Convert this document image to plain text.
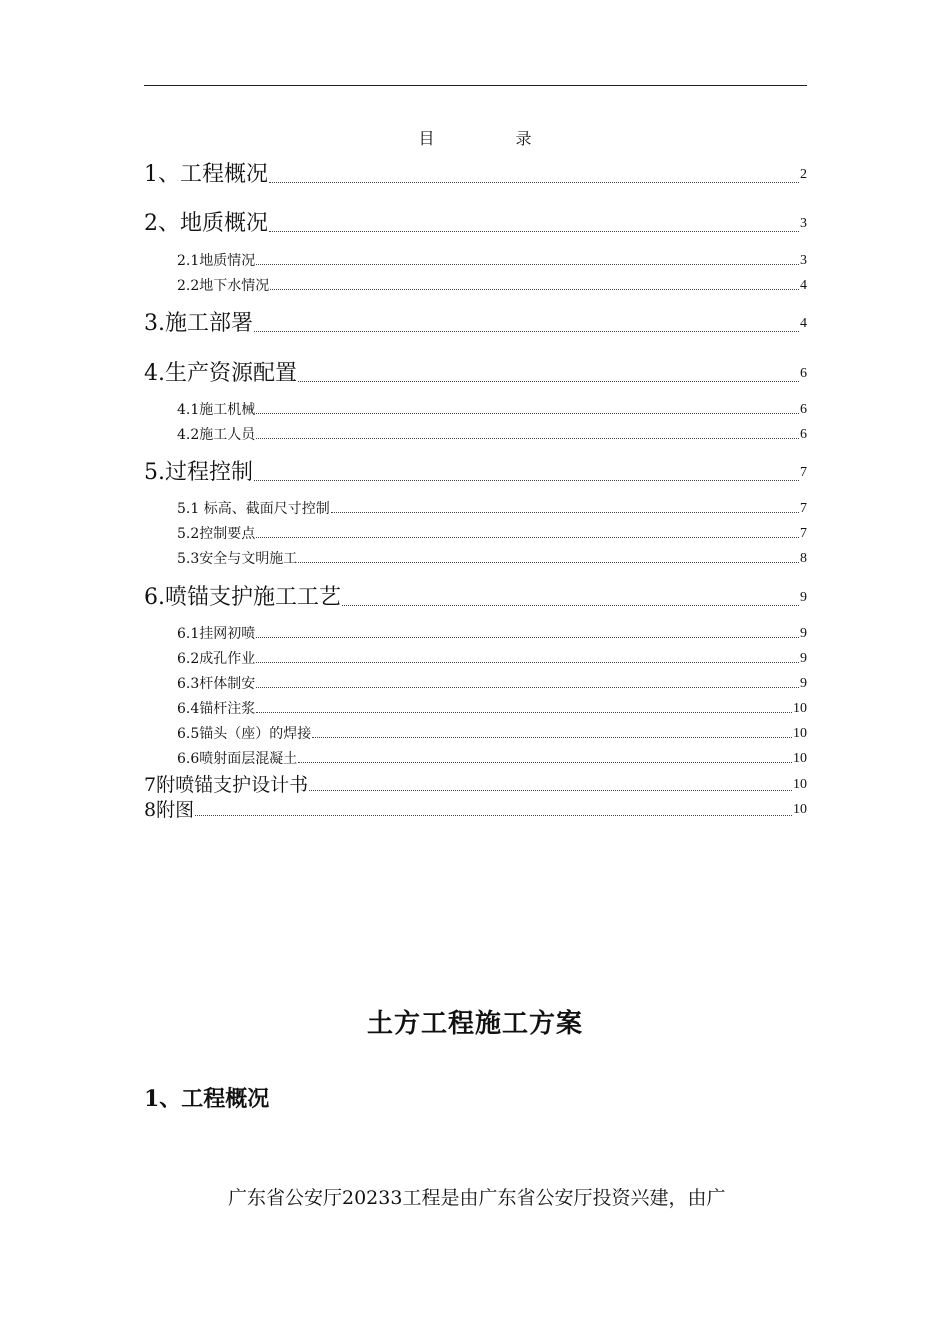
目 录
1、工程概况	2
2、地质概况	3
2.1地质情况	3
2.2地下水情况	4
3.施工部署	4
4.生产资源配置	6
4.1施工机械	6
4.2施工人员	6
5.过程控制	7
5.1 标高、截面尺寸控制	7
5.2控制要点	7
5.3安全与文明施工	8
6.喷锚支护施工工艺	9
6.1挂网初喷	9
6.2成孔作业	9
6.3杆体制安	9
6.4锚杆注浆	10
6.5锚头（座）的焊接	10
6.6喷射面层混凝土	10
7附喷锚支护设计书	10
8附图	10
土方工程施工方案
1、工程概况
广东省公安厅20233工程是由广东省公安厅投资兴建，由广
